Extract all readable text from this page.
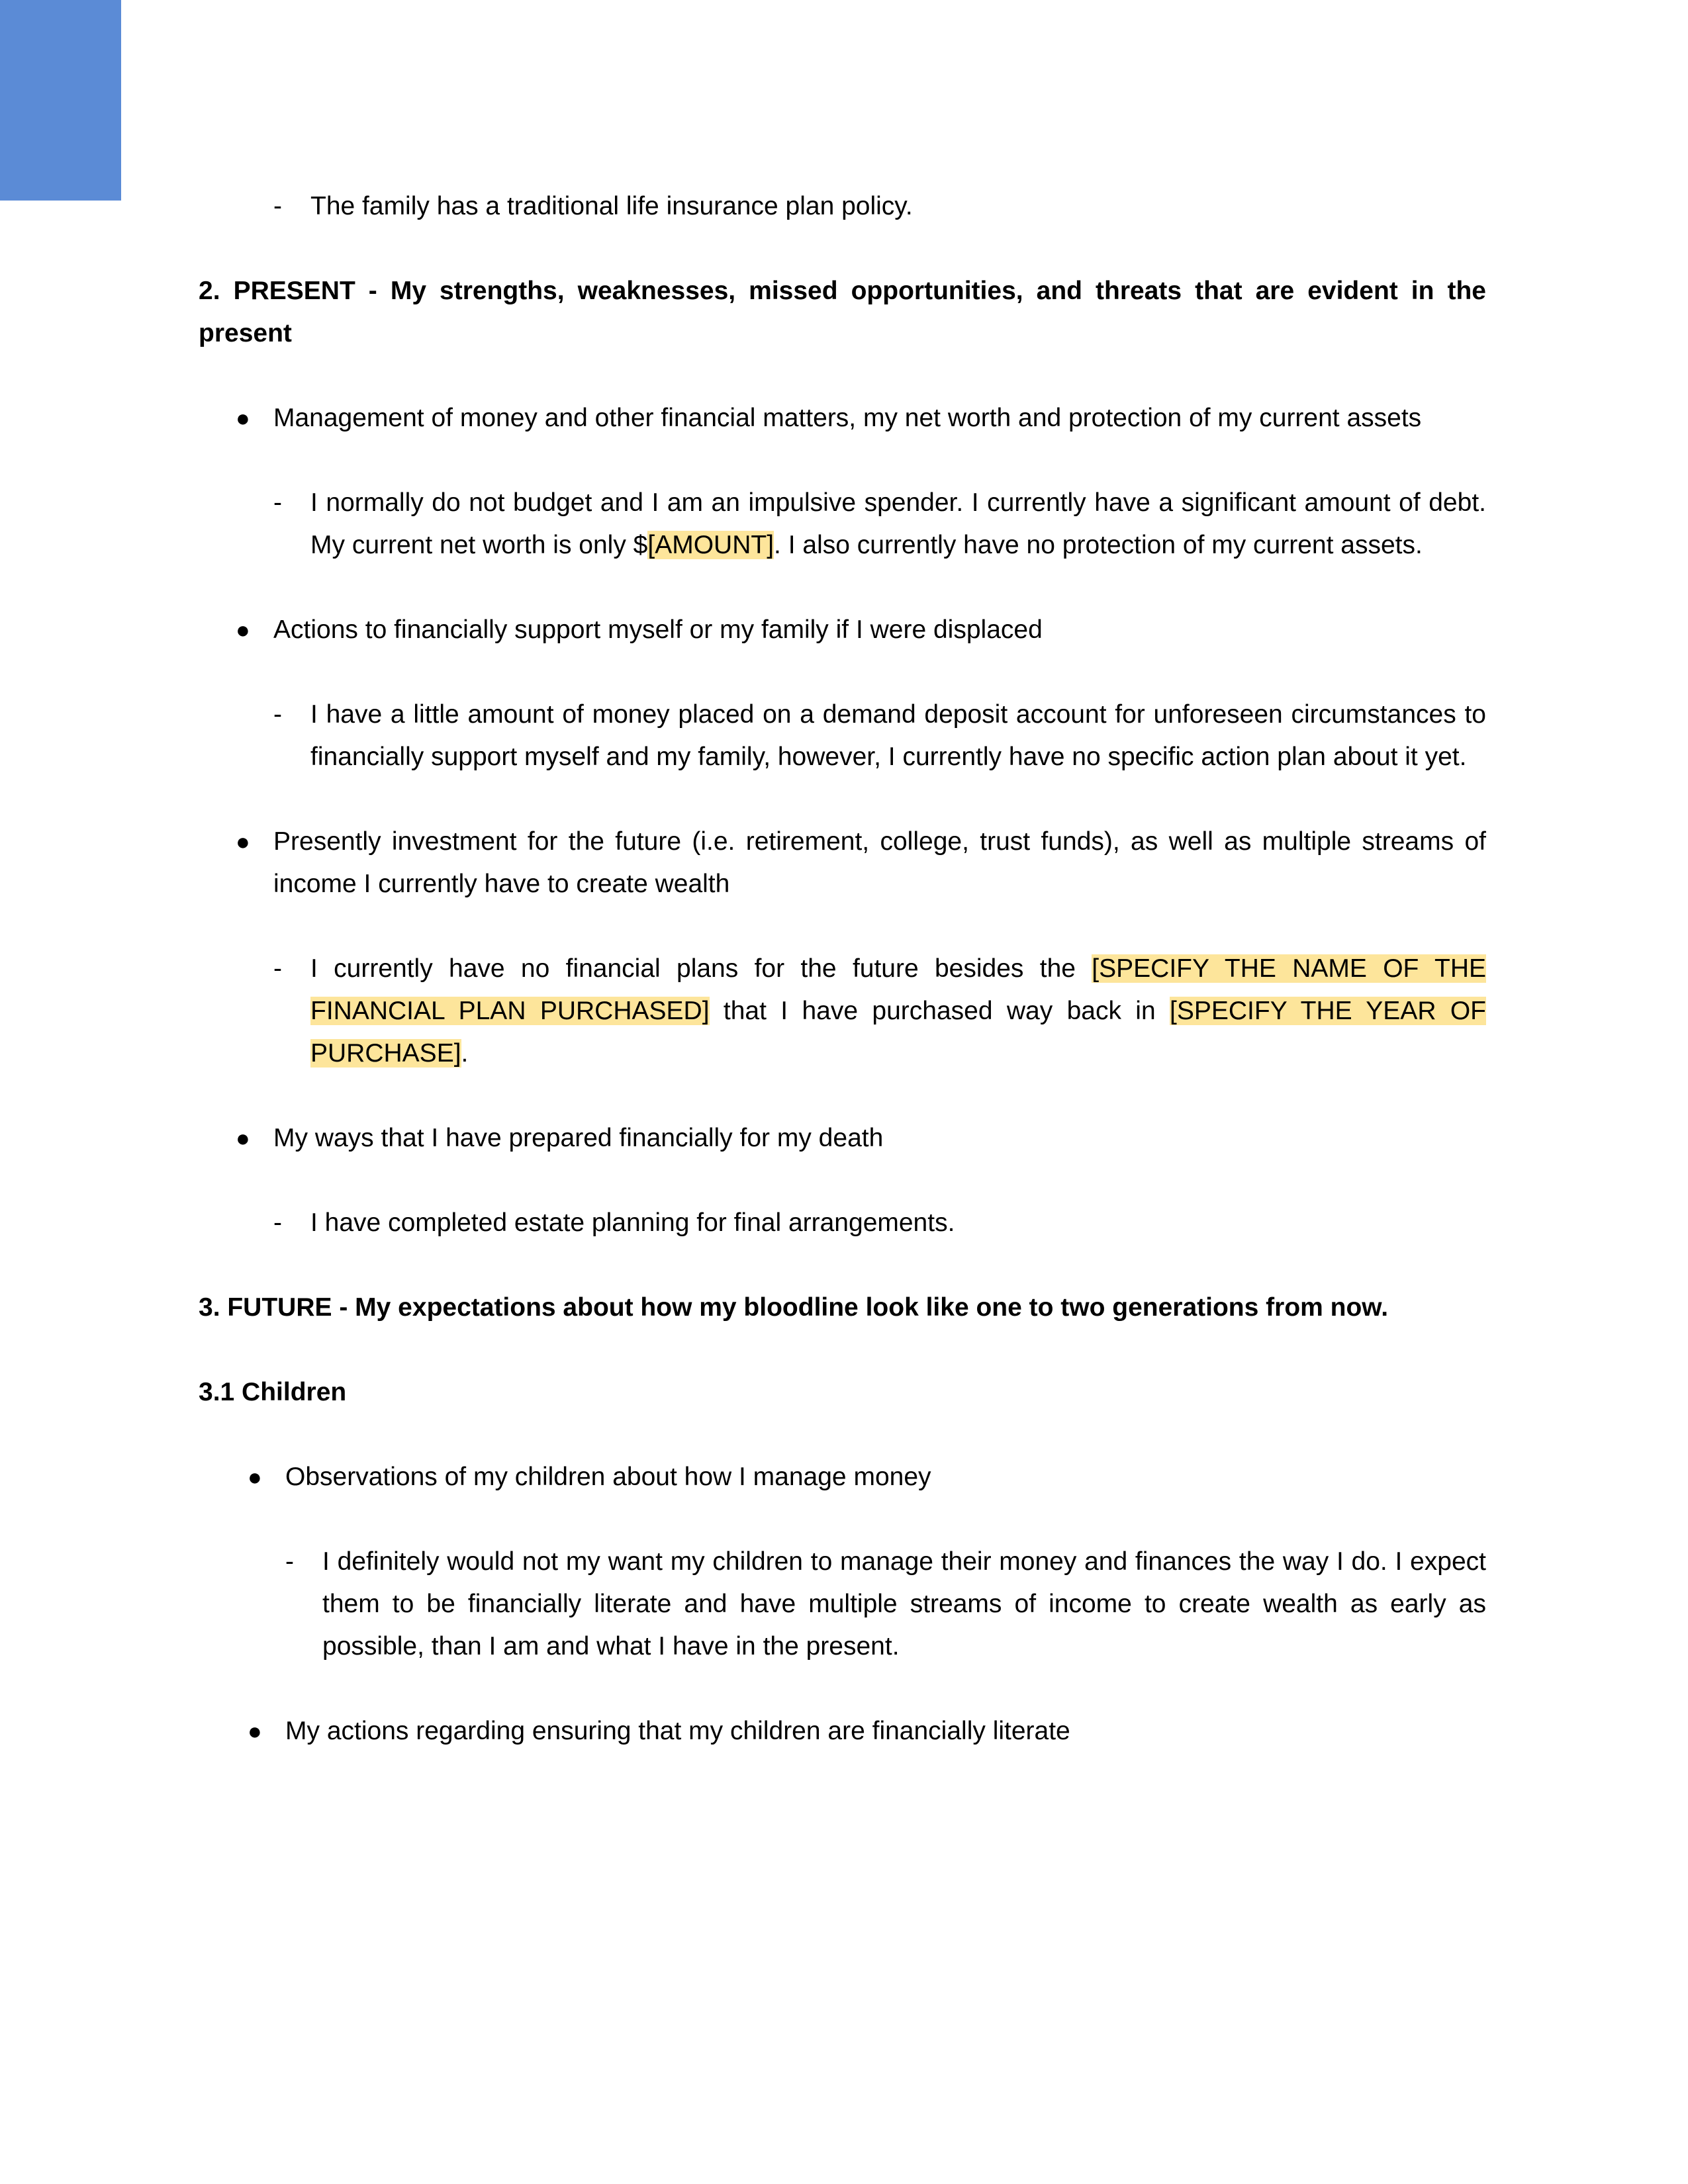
- The family has a traditional life insurance plan policy.

2. PRESENT - My strengths, weaknesses, missed opportunities, and threats that are evident in the present

● Management of money and other financial matters, my net worth and protection of my current assets
- I normally do not budget and I am an impulsive spender. I currently have a significant amount of debt. My current net worth is only $[AMOUNT]. I also currently have no protection of my current assets.
● Actions to financially support myself or my family if I were displaced
- I have a little amount of money placed on a demand deposit account for unforeseen circumstances to financially support myself and my family, however, I currently have no specific action plan about it yet.
● Presently investment for the future (i.e. retirement, college, trust funds), as well as multiple streams of income I currently have to create wealth
- I currently have no financial plans for the future besides the [SPECIFY THE NAME OF THE FINANCIAL PLAN PURCHASED] that I have purchased way back in [SPECIFY THE YEAR OF PURCHASE].
● My ways that I have prepared financially for my death
- I have completed estate planning for final arrangements.

3. FUTURE - My expectations about how my bloodline look like one to two generations from now.

3.1 Children

● Observations of my children about how I manage money
- I definitely would not my want my children to manage their money and finances the way I do. I expect them to be financially literate and have multiple streams of income to create wealth as early as possible, than I am and what I have in the present.
● My actions regarding ensuring that my children are financially literate
